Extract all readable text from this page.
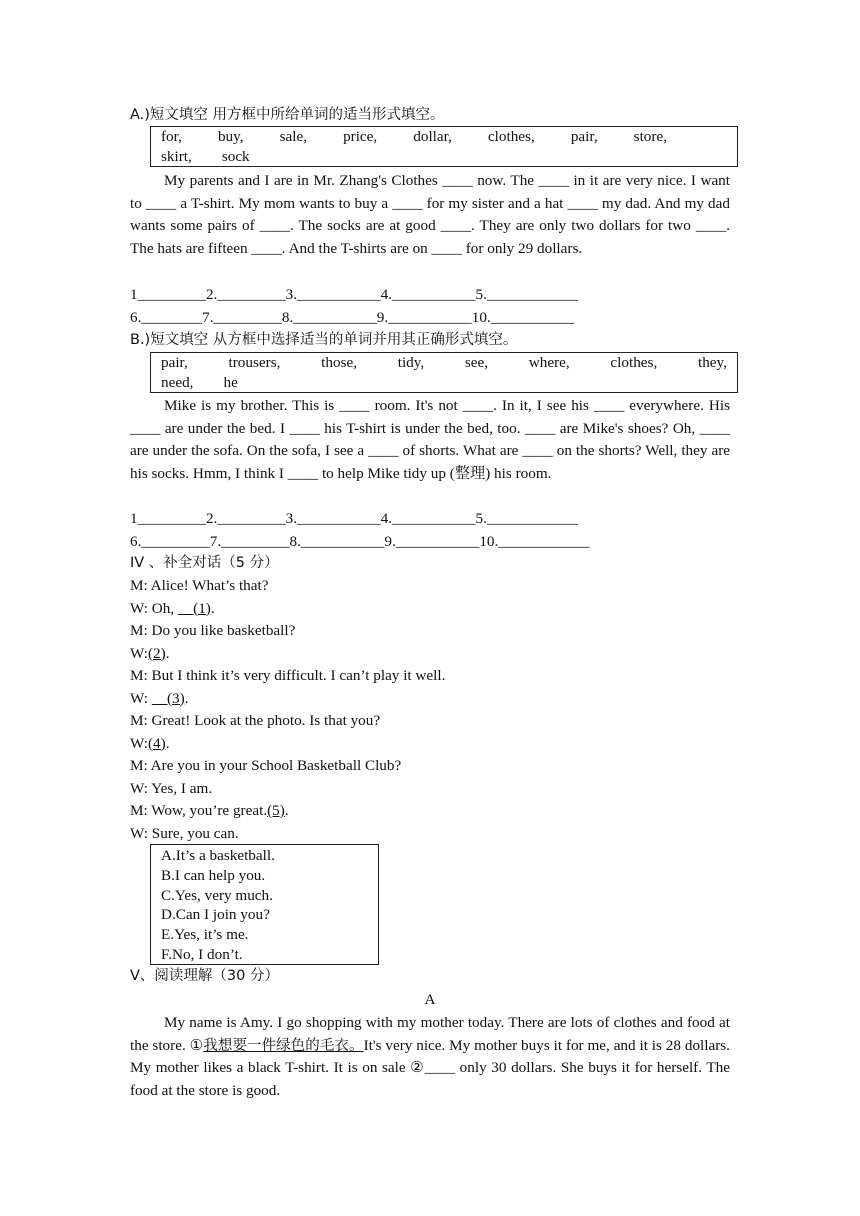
A.)短文填空 用方框中所给单词的适当形式填空。
for, buy, sale, price, dollar, clothes, pair, store,
skirt, sock
My parents and I are in Mr. Zhang's Clothes ____ now. The ____ in it are very nice. I want to ____ a T-shirt. My mom wants to buy a ____ for my sister and a hat ____ my dad. And my dad wants some pairs of ____. The socks are at good ____. They are only two dollars for two ____. The hats are fifteen ____. And the T-shirts are on ____ for only 29 dollars.
1_________ 2._________ 3.___________ 4.___________ 5.____________
6.________ 7._________ 8.___________ 9.___________ 10.___________
B.)短文填空 从方框中选择适当的单词并用其正确形式填空。
pair,	trousers,	those,	tidy,	see,	where,	clothes,	they,
need, he
Mike is my brother. This is ____ room. It's not ____. In it, I see his ____ everywhere. His ____ are under the bed. I ____ his T-shirt is under the bed, too. ____ are Mike's shoes? Oh, ____ are under the sofa. On the sofa, I see a ____ of shorts. What are ____ on the shorts? Well, they are his socks. Hmm, I think I ____ to help Mike tidy up (整理) his room.
1_________ 2._________ 3.___________ 4.___________ 5.____________
6._________ 7._________ 8.___________ 9.___________ 10.____________
IV 、补全对话（5 分）
M: Alice! What’s that?
W: Oh,     (1).
M: Do you like basketball?
W:(2).
M: But I think it’s very difficult. I can’t play it well.
W:     (3).
M: Great! Look at the photo. Is that you?
W:(4).
M: Are you in your School Basketball Club?
W: Yes, I am.
M: Wow, you’re great.(5).
W: Sure, you can.
A.It’s a basketball.
B.I can help you.
C.Yes, very much.
D.Can I join you?
E.Yes, it’s me.
F.No, I don’t.
V、阅读理解（30 分）
A
My name is Amy. I go shopping with my mother today. There are lots of clothes and food at the store. ①我想要一件绿色的毛衣。It's very nice. My mother buys it for me, and it is 28 dollars. My mother likes a black T-shirt. It is on sale ②____ only 30 dollars. She buys it for herself. The food at the store is good.
